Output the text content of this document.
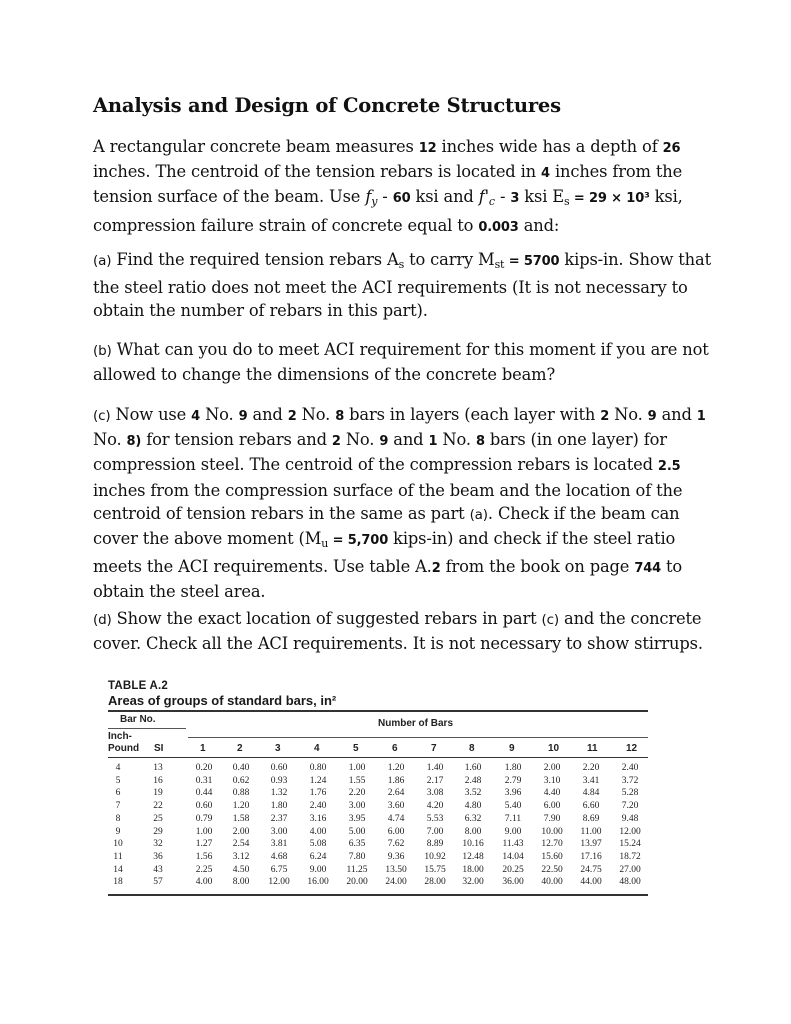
Analysis and Design of Concrete Structures
A rectangular concrete beam measures 12 inches wide has a depth of 26
inches. The centroid of the tension rebars is located in 4 inches from the
tension surface of the beam. Use $f_y - 60$ ksi and $f'_c - 3$ ksi $E_s = 29 \times 10^3$ ksi,
compression failure strain of concrete equal to 0.003 and:
(a) Find the required tension rebars $A_s$ to carry $M_{st} = 5700$ kips-in. Show that
the steel ratio does not meet the ACI requirements (It is not necessary to
obtain the number of rebars in this part).
(b) What can you do to meet ACI requirement for this moment if you are not
allowed to change the dimensions of the concrete beam?
(c) Now use 4 No. 9 and 2 No. 8 bars in layers (each layer with 2 No. 9 and 1
No. 8) for tension rebars and 2 No. 9 and 1 No. 8 bars (in one layer) for
compression steel. The centroid of the compression rebars is located 2.5
inches from the compression surface of the beam and the location of the
centroid of tension rebars in the same as part (a). Check if the beam can
cover the above moment ($M_u = 5,700$ kips-in) and check if the steel ratio
meets the ACI requirements. Use table A.2 from the book on page 744 to
obtain the steel area.
(d) Show the exact location of suggested rebars in part (c) and the concrete
cover. Check all the ACI requirements. It is not necessary to show stirrups.
TABLE A.2
Areas of groups of standard bars, in²
Bar No.	Number of Bars
Inch-
Pound SI	1	2	3	4	5	6	7	8	9	10	11	12
4	13	0.20	0.40	0.60	0.80	1.00	1.20	1.40	1.60	1.80	2.00	2.20	2.40
5	16	0.31	0.62	0.93	1.24	1.55	1.86	2.17	2.48	2.79	3.10	3.41	3.72
6	19	0.44	0.88	1.32	1.76	2.20	2.64	3.08	3.52	3.96	4.40	4.84	5.28
7	22	0.60	1.20	1.80	2.40	3.00	3.60	4.20	4.80	5.40	6.00	6.60	7.20
8	25	0.79	1.58	2.37	3.16	3.95	4.74	5.53	6.32	7.11	7.90	8.69	9.48
9	29	1.00	2.00	3.00	4.00	5.00	6.00	7.00	8.00	9.00	10.00	11.00	12.00
10	32	1.27	2.54	3.81	5.08	6.35	7.62	8.89	10.16	11.43	12.70	13.97	15.24
11	36	1.56	3.12	4.68	6.24	7.80	9.36	10.92	12.48	14.04	15.60	17.16	18.72
14	43	2.25	4.50	6.75	9.00	11.25	13.50	15.75	18.00	20.25	22.50	24.75	27.00
18	57	4.00	8.00	12.00	16.00	20.00	24.00	28.00	32.00	36.00	40.00	44.00	48.00
